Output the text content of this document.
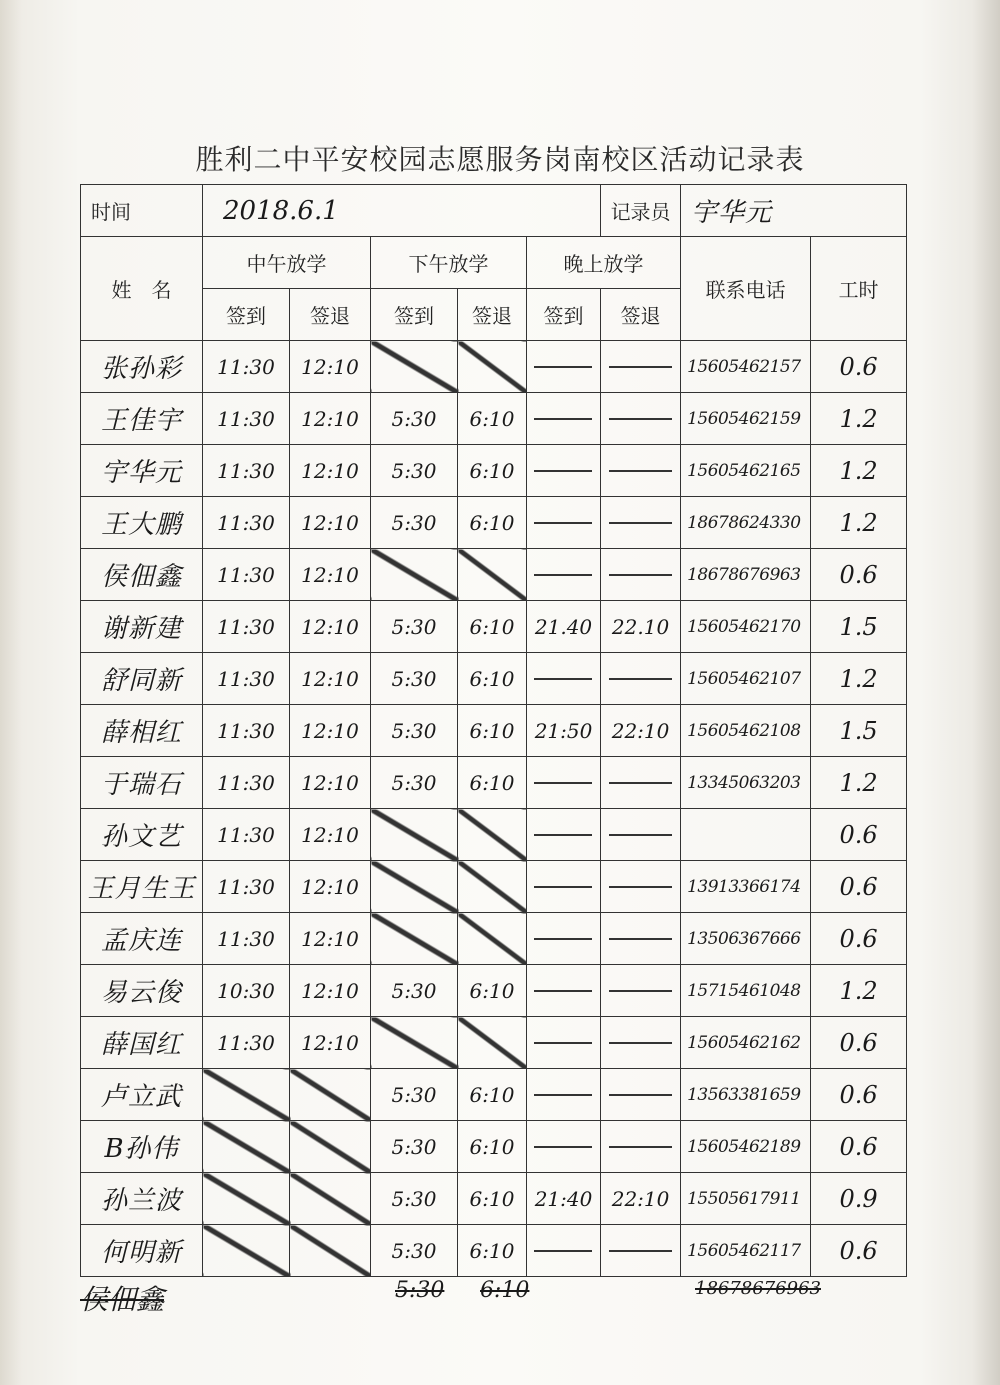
胜利二中平安校园志愿服务岗南校区活动记录表
时间	2018.6.1					记录员	宇华元	
姓　名	中午放学		下午放学		晚上放学		联系电话	工时
	签到	签退	签到	签退	签到	签退		
张孙彩	11:30	12:10					15605462157	0.6
王佳宇	11:30	12:10	5:30	6:10			15605462159	1.2
宇华元	11:30	12:10	5:30	6:10			15605462165	1.2
王大鹏	11:30	12:10	5:30	6:10			18678624330	1.2
侯佃鑫	11:30	12:10					18678676963	0.6
谢新建	11:30	12:10	5:30	6:10	21.40	22.10	15605462170	1.5
舒同新	11:30	12:10	5:30	6:10			15605462107	1.2
薛相红	11:30	12:10	5:30	6:10	21:50	22:10	15605462108	1.5
于瑞石	11:30	12:10	5:30	6:10			13345063203	1.2
孙文艺	11:30	12:10						0.6
王月生王	11:30	12:10					13913366174	0.6
孟庆连	11:30	12:10					13506367666	0.6
易云俊	10:30	12:10	5:30	6:10			15715461048	1.2
薛国红	11:30	12:10					15605462162	0.6
卢立武			5:30	6:10			13563381659	0.6
B孙伟			5:30	6:10			15605462189	0.6
孙兰波			5:30	6:10	21:40	22:10	15505617911	0.9
何明新			5:30	6:10			15605462117	0.6
侯佃鑫	5:30	6:10	18678676963
